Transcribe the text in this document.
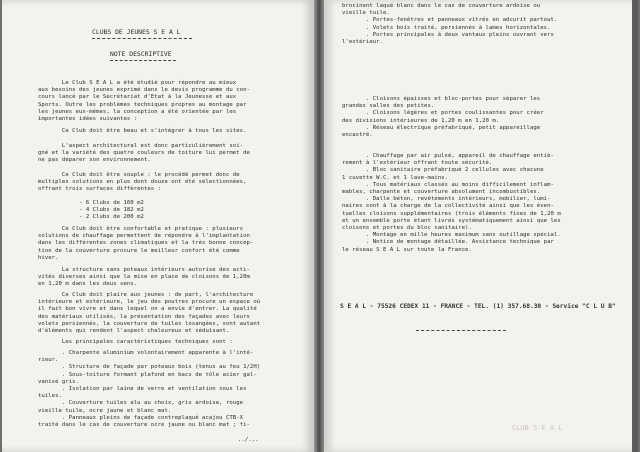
CLUBS DE JEUNES S E A L
NOTE DESCRIPTIVE
Le Club S E A L a été étudié pour répondre au mieux
aux besoins des jeunes exprimé dans le devis programme du con-
cours lancé par le Secrétariat d'Etat à la Jeunesse et aux
Sports. Outre les problèmes techniques propres au montage par
les jeunes eux-mêmes, la conception a été orientée par les
importantes idées suivantes :
Ce Club doit être beau et s'intégrer à tous les sites.
L'aspect architectural est donc particulièrement soi-
gné et la variété des quatre couleurs de toiture lui permet de
ne pas déparer son environnement.
Ce Club doit être souple : le procédé permet donc de
multiples solutions en plus dont douze ont été sélectionnées,
offrant trois surfaces différentes :
- 6 Clubs de 160 m2
- 4 Clubs de 182 m2
- 2 Clubs de 200 m2
Ce Club doit être confortable et pratique : plusieurs
solutions de chauffage permettent de répondre à l'implantation
dans les différentes zones climatiques et la très bonne concep-
tion de la couverture procure le meilleur confort été comme
hiver.
La structure sans poteaux intérieurs autorise des acti-
vités diverses ainsi que la mise en place de cloisons de 1,20m
en 1,20 m dans les deux sens.
Ce Club doit plaire aux jeunes : de part, l'architecture
intérieure et extérieure, le jeu des poutres procure un espace où
il fait bon vivre et dans lequel on a envie d'entrer. La qualité
des matériaux utilisés, la présentation des façades avec leurs
volets persiennés, la couverture de tuiles losangées, sont autant
d'éléments qui rendent l'aspect chaleureux et séduisant.
Les principales caractéristiques techniques sont :
. Charpente aluminium volontairement apparente à l'inté-
rieur.
. Structure de façade par poteaux bois (tenus au feu 1/2H)
. Sous-toiture formant plafond en bacs de tôle acier gal-
vanisé gris.
. Isolation par laine de verre et ventilation sous les
tuiles.
. Couverture tuiles alu au choix, gris ardoise, rouge
vieille tuile, ocre jaune et blanc mat.
. Panneaux pleins de façade contreplaqué acajou CTB-X
traité dans le cas de couverture ocre jaune ou blanc mat ; fi-
../...
brocinent laqué blanc dans le cas de couverture ardoise ou
vieille tuile.
. Portes-fenêtres et panneaux vitrés en adcurit partout.
. Volets bois traité, persiennés à lames horizontales.
. Portes principales à deux vantaux pleins ouvrant vers
l'extérieur.
. Cloisons épaisses et bloc-portes pour séparer les
grandes salles des petites.
. Cloisons légères et portes coulissantes pour créer
des divisions intérieures de 1,20 m en 1,20 m.
. Réseau électrique préfabriqué, petit appareillage
encastré.
. Chauffage par air pulsé, appareil de chauffage entiè-
rement à l'extérieur offrant toute sécurité.
. Bloc sanitaire préfabriqué 2 cellules avec chacune
1 cuvette W.C. et 1 lave-mains.
. Tous matériaux classés au moins difficilement inflam-
mables, charpente et couverture absolument incombustibles.
. Dalle béton, revêtements intérieurs, mobilier, lumi-
naires sont à la charge de la collectivité ainsi que les éven-
tuelles cloisons supplémentaires (trois éléments fixes de 1,20 m
et un ensemble porte étant livrés systématiquement ainsi que les
cloisons et portes du bloc sanitaire).
. Montage en mille heures maximum sans outillage spécial.
. Notice de montage détaillée. Assistance technique par
le réseau S E A L sur toute la France.
S E A L - 75526 CEDEX 11 - FRANCE - TEL. (1) 357.68.30 - Service "C L U B"
CLUB S E A L
